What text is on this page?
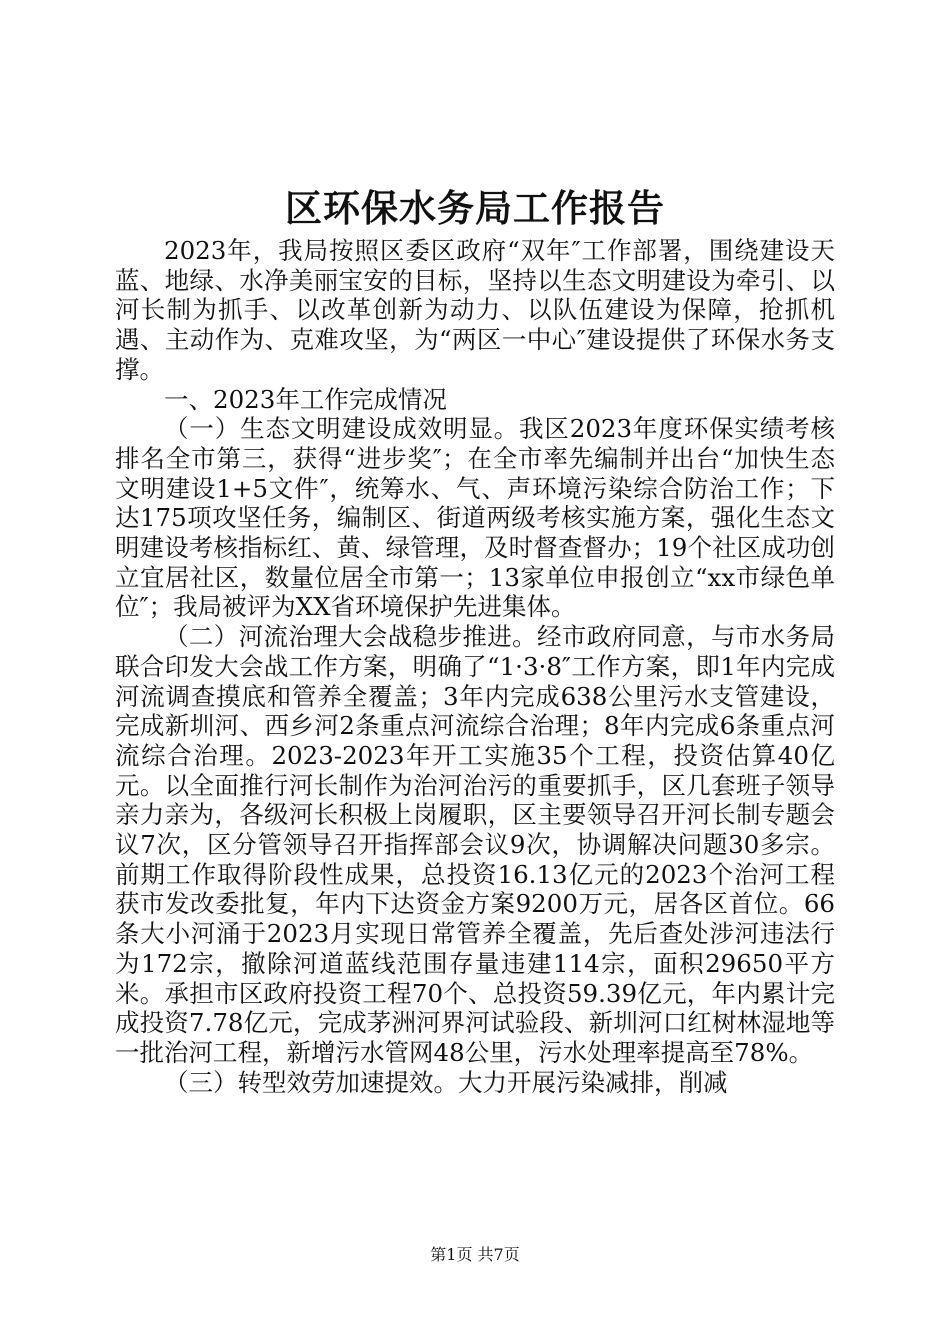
区环保水务局工作报告

2023年，我局按照区委区政府“双年″工作部署，围绕建设天蓝、地绿、水净美丽宝安的目标，坚持以生态文明建设为牵引、以河长制为抓手、以改革创新为动力、以队伍建设为保障，抢抓机遇、主动作为、克难攻坚，为“两区一中心″建设提供了环保水务支撑。

一、2023年工作完成情况

（一）生态文明建设成效明显。我区2023年度环保实绩考核排名全市第三，获得“进步奖″；在全市率先编制并出台“加快生态文明建设1+5文件″，统筹水、气、声环境污染综合防治工作；下达175项攻坚任务，编制区、街道两级考核实施方案，强化生态文明建设考核指标红、黄、绿管理，及时督查督办；19个社区成功创立宜居社区，数量位居全市第一；13家单位申报创立“xx市绿色单位″；我局被评为XX省环境保护先进集体。

（二）河流治理大会战稳步推进。经市政府同意，与市水务局联合印发大会战工作方案，明确了“1·3·8″工作方案，即1年内完成河流调查摸底和管养全覆盖；3年内完成638公里污水支管建设，完成新圳河、西乡河2条重点河流综合治理；8年内完成6条重点河流综合治理。2023-2023年开工实施35个工程，投资估算40亿元。以全面推行河长制作为治河治污的重要抓手，区几套班子领导亲力亲为，各级河长积极上岗履职，区主要领导召开河长制专题会议7次，区分管领导召开指挥部会议9次，协调解决问题30多宗。前期工作取得阶段性成果，总投资16.13亿元的2023个治河工程获市发改委批复，年内下达资金方案9200万元，居各区首位。66条大小河涌于2023月实现日常管养全覆盖，先后查处涉河违法行为172宗，撤除河道蓝线范围存量违建114宗，面积29650平方米。承担市区政府投资工程70个、总投资59.39亿元，年内累计完成投资7.78亿元，完成茅洲河界河试验段、新圳河口红树林湿地等一批治河工程，新增污水管网48公里，污水处理率提高至78%。

（三）转型效劳加速提效。大力开展污染减排，削减

第1页 共7页
